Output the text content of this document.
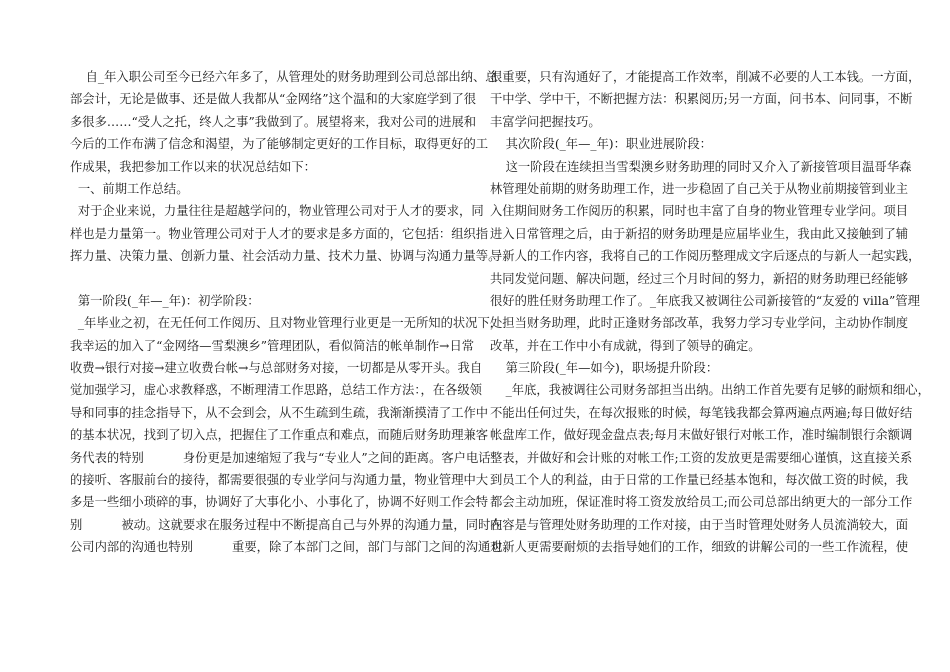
自_年入职公司至今已经六年多了，从管理处的财务助理到公司总部出纳、总
部会计，无论是做事、还是做人我都从“金网络”这个温和的大家庭学到了很
多很多……“受人之托，终人之事”我做到了。展望将来，我对公司的进展和
今后的工作布满了信念和渴望，为了能够制定更好的工作目标，取得更好的工
作成果，我把参加工作以来的状况总结如下：
一、前期工作总结。
对于企业来说，力量往往是超越学问的，物业管理公司对于人才的要求，同
样也是力量第一。物业管理公司对于人才的要求是多方面的，它包括：组织指
挥力量、决策力量、创新力量、社会活动力量、技术力量、协调与沟通力量等。
第一阶段(_年—_年)：初学阶段：
_年毕业之初，在无任何工作阅历、且对物业管理行业更是一无所知的状况下，
我幸运的加入了“金网络—雪梨澳乡”管理团队，看似简洁的帐单制作→日常
收费→银行对接→建立收费台帐→与总部财务对接，一切都是从零开头。我自
觉加强学习，虚心求教释惑，不断理清工作思路，总结工作方法：，在各级领
导和同事的挂念指导下，从不会到会，从不生疏到生疏，我渐渐摸清了工作中
的基本状况，找到了切入点，把握住了工作重点和难点，而随后财务助理兼客
务代表的特别          身份更是加速缩短了我与“专业人”之间的距离。客户电话
的接听、客服前台的接待，都需要很强的专业学问与沟通力量，物业管理中大
多是一些细小琐碎的事，协调好了大事化小、小事化了，协调不好则工作会特
别          被动。这就要求在服务过程中不断提高自己与外界的沟通力量，同时在
公司内部的沟通也特别          重要，除了本部门之间，部门与部门之间的沟通也
很重要，只有沟通好了，才能提高工作效率，削减不必要的人工本钱。一方面，
干中学、学中干，不断把握方法：积累阅历;另一方面，问书本、问同事，不断
丰富学问把握技巧。
其次阶段(_年—_年)：职业进展阶段：
这一阶段在连续担当雪梨澳乡财务助理的同时又介入了新接管项目温哥华森
林管理处前期的财务助理工作，进一步稳固了自己关于从物业前期接管到业主
入住期间财务工作阅历的积累，同时也丰富了自身的物业管理专业学问。项目
进入日常管理之后，由于新招的财务助理是应届毕业生，我由此又接触到了辅
导新人的工作内容，我将自己的工作阅历整理成文字后逐点的与新人一起实践，
共同发觉问题、解决问题，经过三个月时间的努力，新招的财务助理已经能够
很好的胜任财务助理工作了。_年底我又被调往公司新接管的“友爱的 villa”管理
处担当财务助理，此时正逢财务部改革，我努力学习专业学问，主动协作制度
改革，并在工作中小有成就，得到了领导的确定。
第三阶段(_年—如今)，职场提升阶段：
_年底，我被调往公司财务部担当出纳。出纳工作首先要有足够的耐烦和细心，
不能出任何过失，在每次报账的时候，每笔钱我都会算两遍点两遍;每日做好结
帐盘库工作，做好现金盘点表;每月末做好银行对帐工作，准时编制银行余额调
整表，并做好和会计账的对帐工作;工资的发放更是需要细心谨慎，这直接关系
到员工个人的利益，由于日常的工作量已经基本饱和，每次做工资的时候，我
都会主动加班，保证准时将工资发放给员工;而公司总部出纳更大的一部分工作
内容是与管理处财务助理的工作对接，由于当时管理处财务人员流淌较大，面
对新人更需要耐烦的去指导她们的工作，细致的讲解公司的一些工作流程，使
